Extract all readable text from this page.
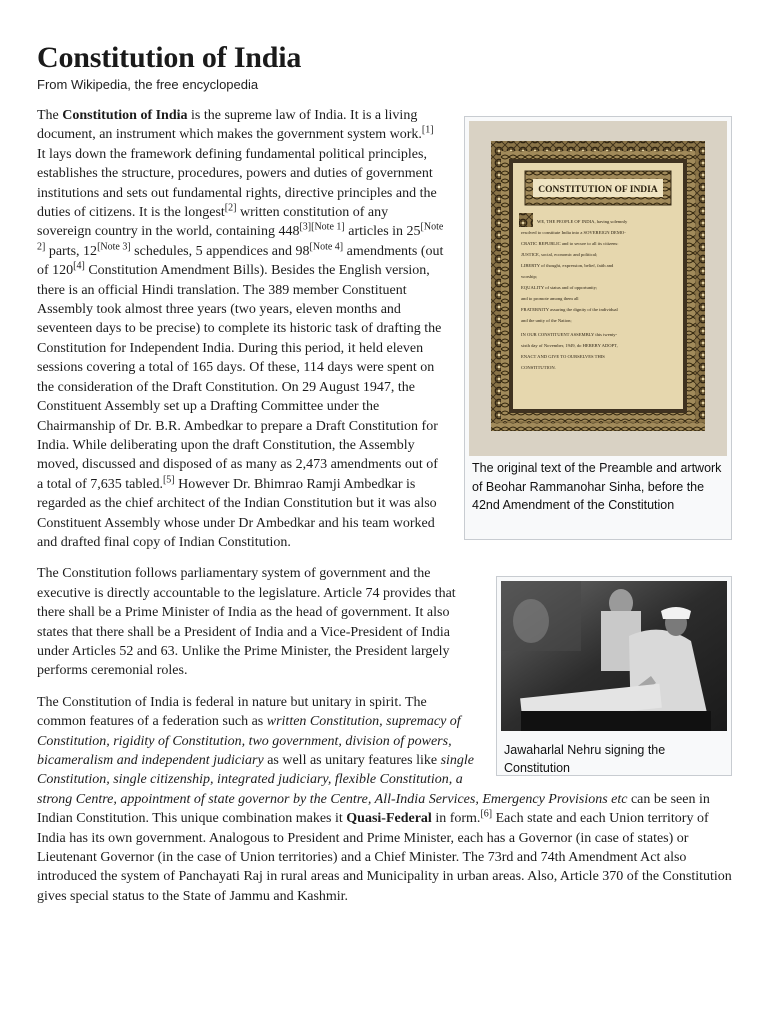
Constitution of India
From Wikipedia, the free encyclopedia
CONSTITUTION OF INDIA
WE, THE PEOPLE OF INDIA, having solemnly
resolved to constitute India into a SOVEREIGN DEMO-
CRATIC REPUBLIC and to secure to all its citizens:
JUSTICE, social, economic and political;
LIBERTY of thought, expression, belief, faith and
worship;
EQUALITY of status and of opportunity;
and to promote among them all
FRATERNITY assuring the dignity of the individual
and the unity of the Nation;
IN OUR CONSTITUENT ASSEMBLY this twenty-
sixth day of November, 1949, do HEREBY ADOPT,
ENACT AND GIVE TO OURSELVES THIS
CONSTITUTION.
The original text of the Preamble and artwork of Beohar Rammanohar Sinha, before the 42nd Amendment of the Constitution

The Constitution of India is the supreme law of India. It is a living document, an instrument which makes the government system work.[1] It lays down the framework defining fundamental political principles, establishes the structure, procedures, powers and duties of government institutions and sets out fundamental rights, directive principles and the duties of citizens. It is the longest[2] written constitution of any sovereign country in the world, containing 448[3][Note 1] articles in 25[Note 2] parts, 12[Note 3] schedules, 5 appendices and 98[Note 4] amendments (out of 120[4] Constitution Amendment Bills). Besides the English version, there is an official Hindi translation. The 389 member Constituent Assembly took almost three years (two years, eleven months and seventeen days to be precise) to complete its historic task of drafting the Constitution for Independent India. During this period, it held eleven sessions covering a total of 165 days. Of these, 114 days were spent on the consideration of the Draft Constitution. On 29 August 1947, the Constituent Assembly set up a Drafting Committee under the Chairmanship of Dr. B.R. Ambedkar to prepare a Draft Constitution for India. While deliberating upon the draft Constitution, the Assembly moved, discussed and disposed of as many as 2,473 amendments out of a total of 7,635 tabled.[5] However Dr. Bhimrao Ramji Ambedkar is regarded as the chief architect of the Indian Constitution but it was also Constituent Assembly whose under Dr Ambedkar and his team worked and drafted final copy of Indian Constitution.

Jawaharlal Nehru signing the Constitution

The Constitution follows parliamentary system of government and the executive is directly accountable to the legislature. Article 74 provides that there shall be a Prime Minister of India as the head of government. It also states that there shall be a President of India and a Vice-President of India under Articles 52 and 63. Unlike the Prime Minister, the President largely performs ceremonial roles.

The Constitution of India is federal in nature but unitary in spirit. The common features of a federation such as written Constitution, supremacy of Constitution, rigidity of Constitution, two government, division of powers, bicameralism and independent judiciary as well as unitary features like single Constitution, single citizenship, integrated judiciary, flexible Constitution, a strong Centre, appointment of state governor by the Centre, All-India Services, Emergency Provisions etc can be seen in Indian Constitution. This unique combination makes it Quasi-Federal in form.[6] Each state and each Union territory of India has its own government. Analogous to President and Prime Minister, each has a Governor (in case of states) or Lieutenant Governor (in the case of Union territories) and a Chief Minister. The 73rd and 74th Amendment Act also introduced the system of Panchayati Raj in rural areas and Municipality in urban areas. Also, Article 370 of the Constitution gives special status to the State of Jammu and Kashmir.
